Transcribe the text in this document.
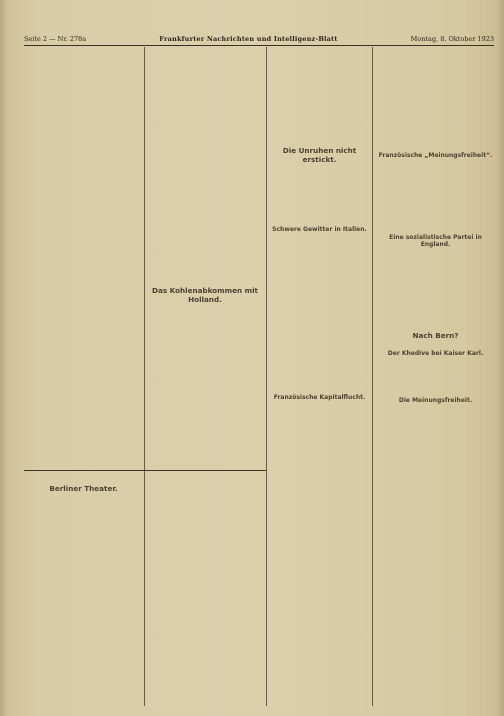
Seite 2 — Nr. 278a	Frankfurter Nachrichten und Intelligenz-Blatt	Montag, 8. Oktober 1923

Das Kohlenabkommen mit Holland.
Die Unruhen nicht erstickt.
Schwere Gewitter in Italien.
Französische Kapitalflucht.
Französische „Meinungsfreiheit“.
Eine sozialistische Partei in England.
Nach Bern?
Der Khedive bei Kaiser Karl.
Die Meinungsfreiheit.
Berliner Theater.
